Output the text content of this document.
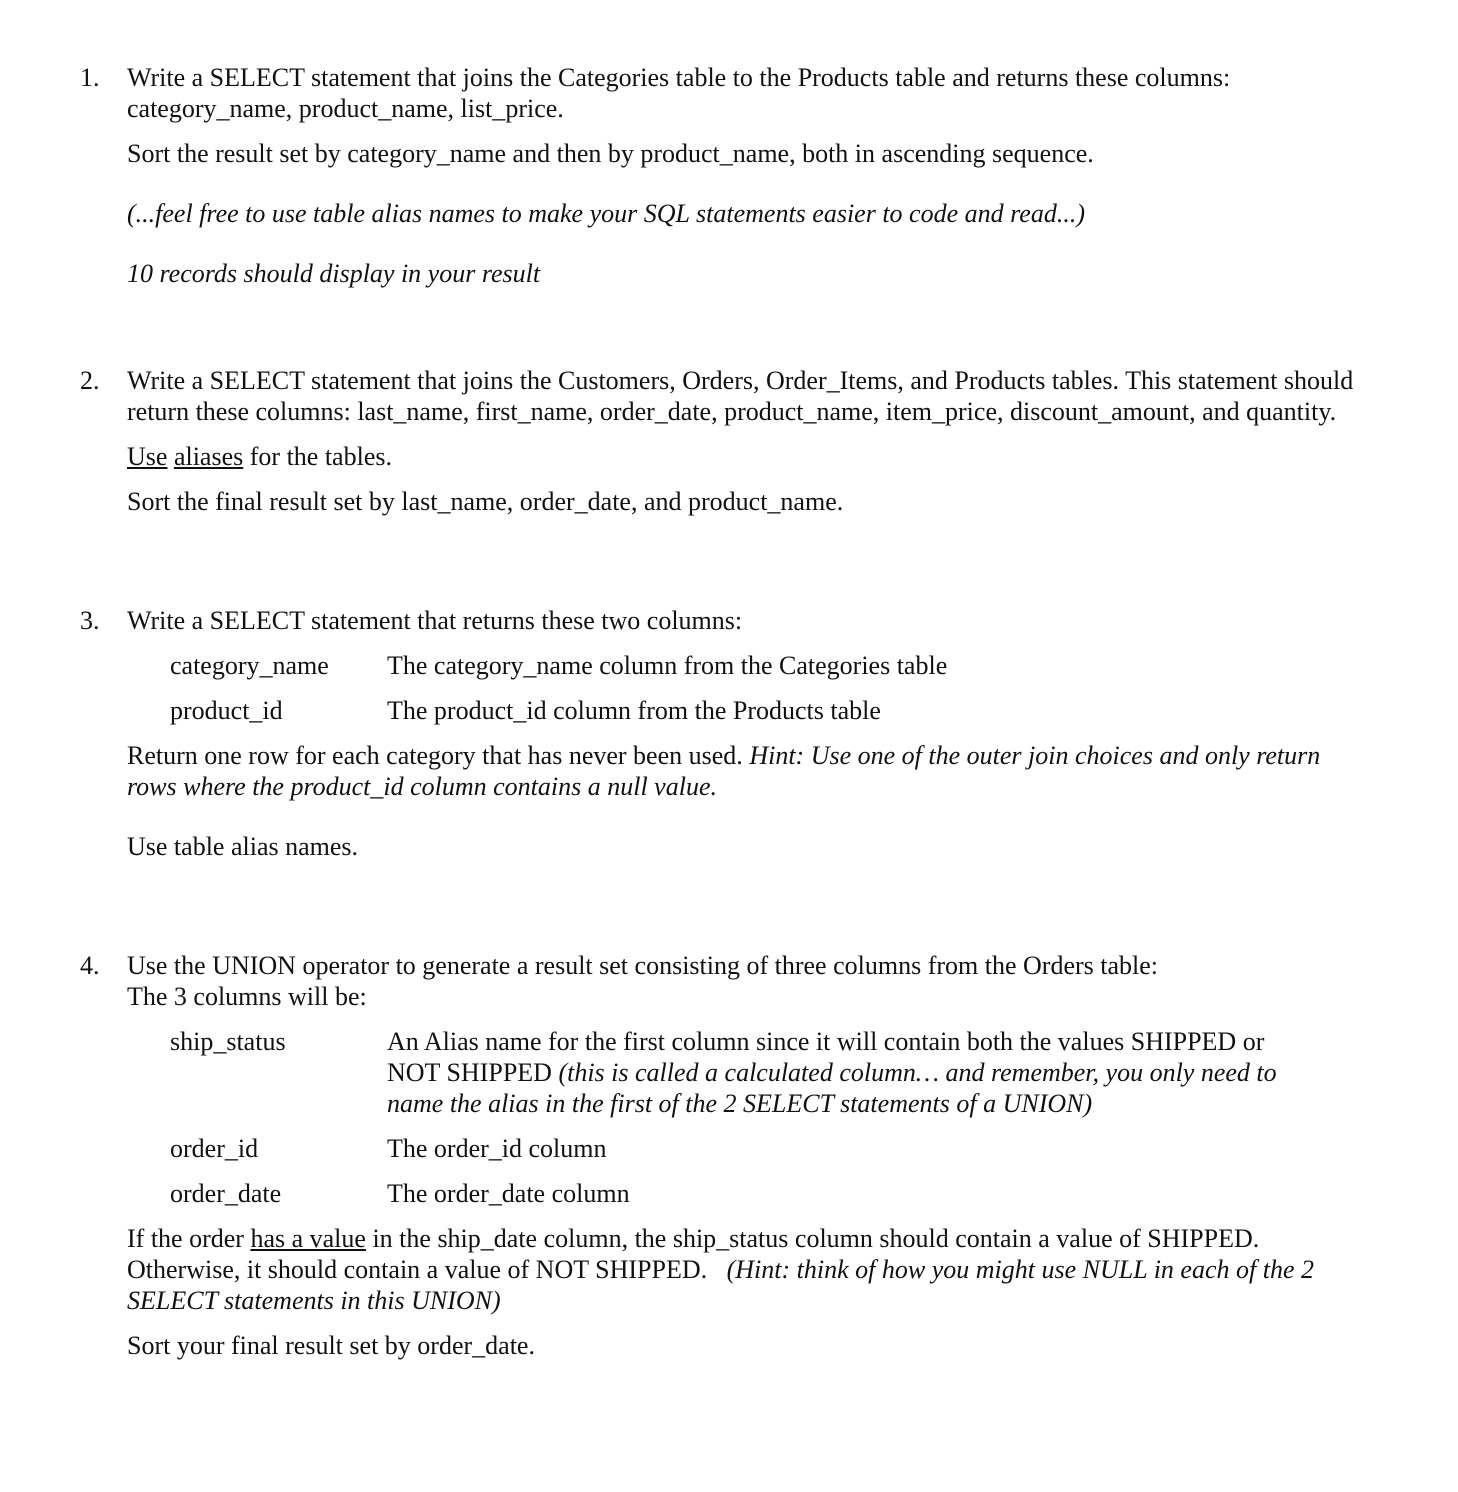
1.	Write a SELECT statement that joins the Categories table to the Products table and returns these columns:
category_name, product_name, list_price.
Sort the result set by category_name and then by product_name, both in ascending sequence.
(...feel free to use table alias names to make your SQL statements easier to code and read...)
10 records should display in your result
2.	Write a SELECT statement that joins the Customers, Orders, Order_Items, and Products tables. This statement should
return these columns: last_name, first_name, order_date, product_name, item_price, discount_amount, and quantity.
Use aliases for the tables.
Sort the final result set by last_name, order_date, and product_name.
3.	Write a SELECT statement that returns these two columns:
category_name	The category_name column from the Categories table
product_id	The product_id column from the Products table
Return one row for each category that has never been used. Hint: Use one of the outer join choices and only return
rows where the product_id column contains a null value.
Use table alias names.
4.	Use the UNION operator to generate a result set consisting of three columns from the Orders table:
The 3 columns will be:
ship_status	An Alias name for the first column since it will contain both the values SHIPPED or
NOT SHIPPED (this is called a calculated column… and remember, you only need to
name the alias in the first of the 2 SELECT statements of a UNION)
order_id	The order_id column
order_date	The order_date column
If the order has a value in the ship_date column, the ship_status column should contain a value of SHIPPED.
Otherwise, it should contain a value of NOT SHIPPED.   (Hint: think of how you might use NULL in each of the 2
SELECT statements in this UNION)
Sort your final result set by order_date.
